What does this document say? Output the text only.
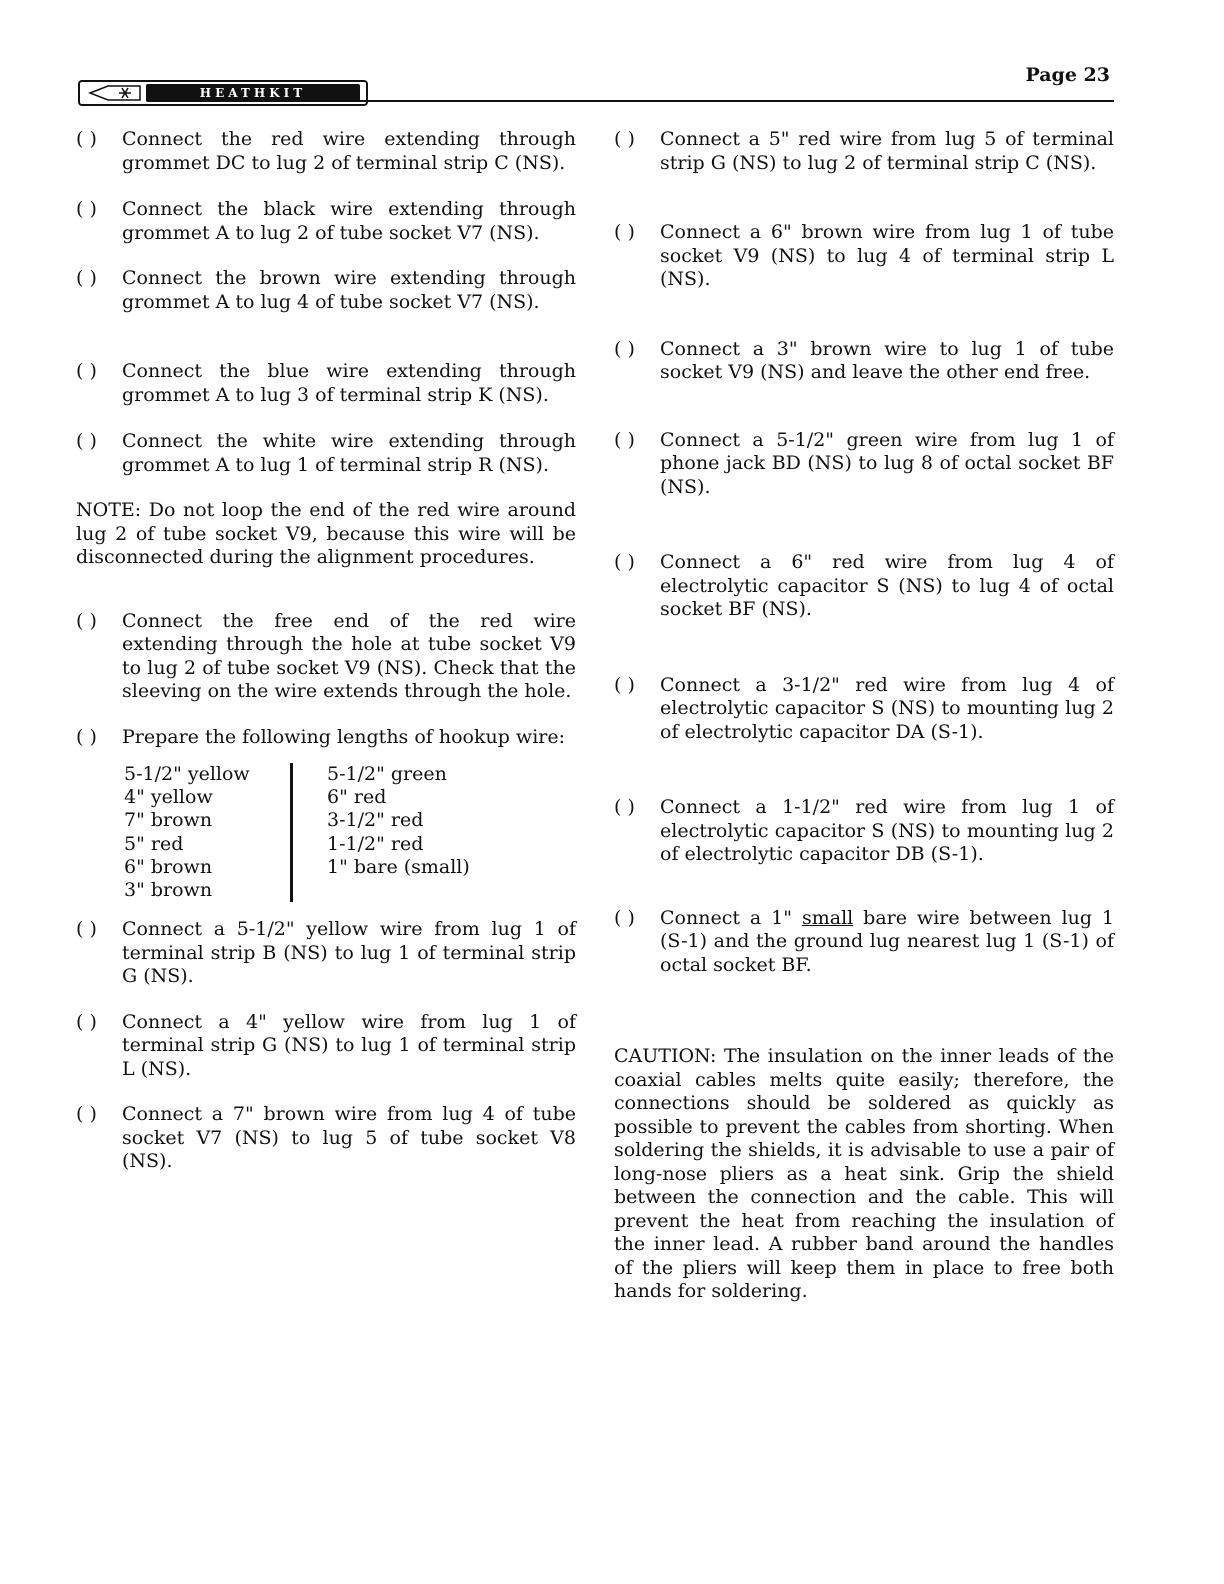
HEATHKIT
Page 23
( ) Connect the red wire extending through grommet DC to lug 2 of terminal strip C (NS).
( ) Connect the black wire extending through grommet A to lug 2 of tube socket V7 (NS).
( ) Connect the brown wire extending through grommet A to lug 4 of tube socket V7 (NS).
( ) Connect the blue wire extending through grommet A to lug 3 of terminal strip K (NS).
( ) Connect the white wire extending through grommet A to lug 1 of terminal strip R (NS).
NOTE: Do not loop the end of the red wire around lug 2 of tube socket V9, because this wire will be disconnected during the alignment procedures.
( ) Connect the free end of the red wire extending through the hole at tube socket V9 to lug 2 of tube socket V9 (NS). Check that the sleeving on the wire extends through the hole.
( ) Prepare the following lengths of hookup wire:
5-1/2" yellow
4" yellow
7" brown
5" red
6" brown
3" brown
5-1/2" green
6" red
3-1/2" red
1-1/2" red
1" bare (small)
( ) Connect a 5-1/2" yellow wire from lug 1 of terminal strip B (NS) to lug 1 of terminal strip G (NS).
( ) Connect a 4" yellow wire from lug 1 of terminal strip G (NS) to lug 1 of terminal strip L (NS).
( ) Connect a 7" brown wire from lug 4 of tube socket V7 (NS) to lug 5 of tube socket V8 (NS).
( ) Connect a 5" red wire from lug 5 of terminal strip G (NS) to lug 2 of terminal strip C (NS).
( ) Connect a 6" brown wire from lug 1 of tube socket V9 (NS) to lug 4 of terminal strip L (NS).
( ) Connect a 3" brown wire to lug 1 of tube socket V9 (NS) and leave the other end free.
( ) Connect a 5-1/2" green wire from lug 1 of phone jack BD (NS) to lug 8 of octal socket BF (NS).
( ) Connect a 6" red wire from lug 4 of electrolytic capacitor S (NS) to lug 4 of octal socket BF (NS).
( ) Connect a 3-1/2" red wire from lug 4 of electrolytic capacitor S (NS) to mounting lug 2 of electrolytic capacitor DA (S-1).
( ) Connect a 1-1/2" red wire from lug 1 of electrolytic capacitor S (NS) to mounting lug 2 of electrolytic capacitor DB (S-1).
( ) Connect a 1" small bare wire between lug 1 (S-1) and the ground lug nearest lug 1 (S-1) of octal socket BF.
CAUTION: The insulation on the inner leads of the coaxial cables melts quite easily; therefore, the connections should be soldered as quickly as possible to prevent the cables from shorting. When soldering the shields, it is advisable to use a pair of long-nose pliers as a heat sink. Grip the shield between the connection and the cable. This will prevent the heat from reaching the insulation of the inner lead. A rubber band around the handles of the pliers will keep them in place to free both hands for soldering.
